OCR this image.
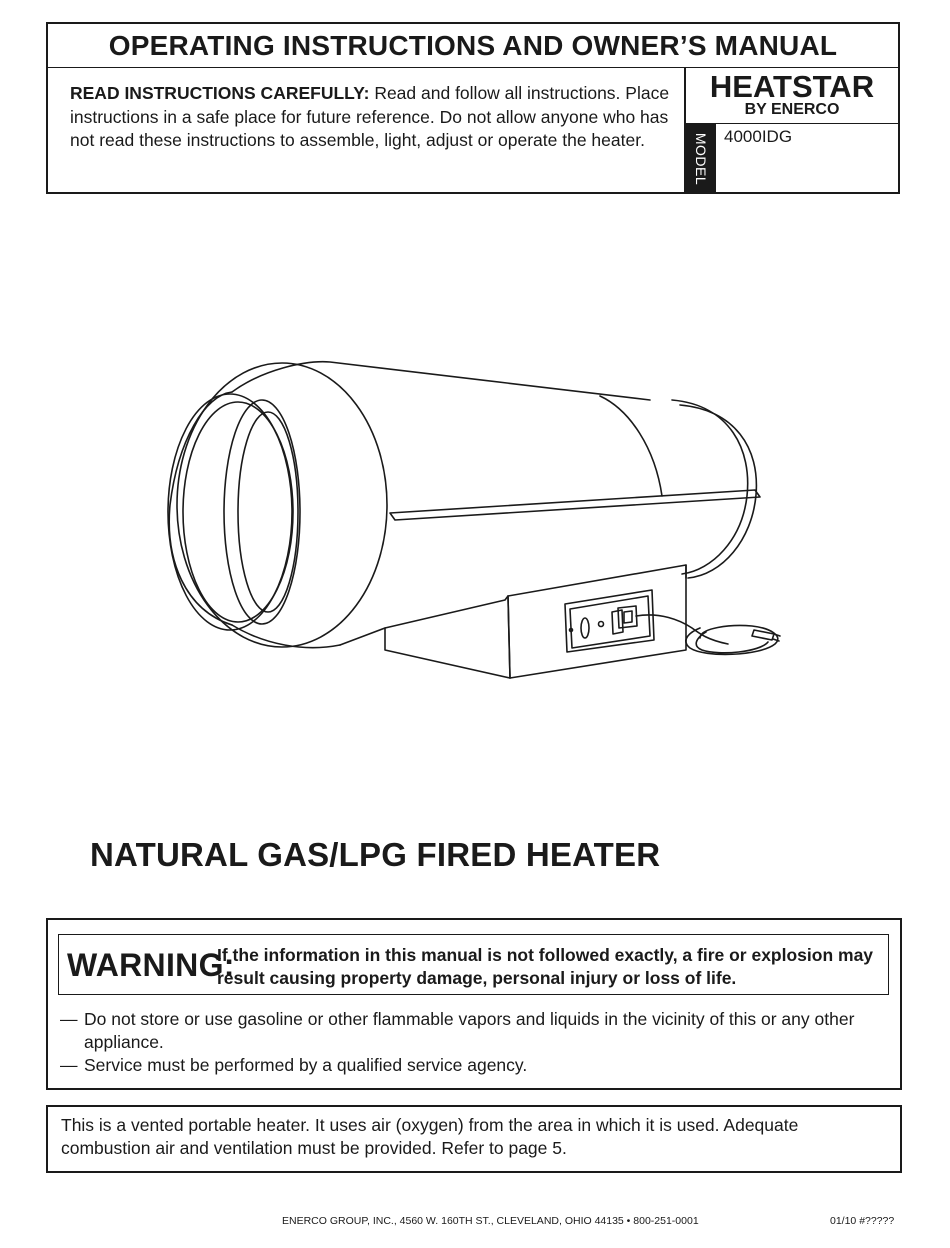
OPERATING INSTRUCTIONS AND OWNER’S MANUAL
READ INSTRUCTIONS CAREFULLY: Read and follow all instructions. Place instructions in a safe place for future reference. Do not allow anyone who has not read these instructions to assemble, light, adjust or operate the heater.
HEATSTAR
BY ENERCO
MODEL 4000IDG
NATURAL GAS/LPG FIRED HEATER
WARNING:
If the information in this manual is not followed exactly, a fire or explosion may result causing property damage, personal injury or loss of life.
— Do not store or use gasoline or other flammable vapors and liquids in the vicinity of this or any other appliance.
— Service must be performed by a qualified service agency.
This is a vented portable heater. It uses air (oxygen) from the area in which it is used. Adequate combustion air and ventilation must be provided. Refer to page 5.
ENERCO GROUP, INC., 4560 W. 160TH ST., CLEVELAND, OHIO 44135 • 800-251-0001	01/10 #?????
